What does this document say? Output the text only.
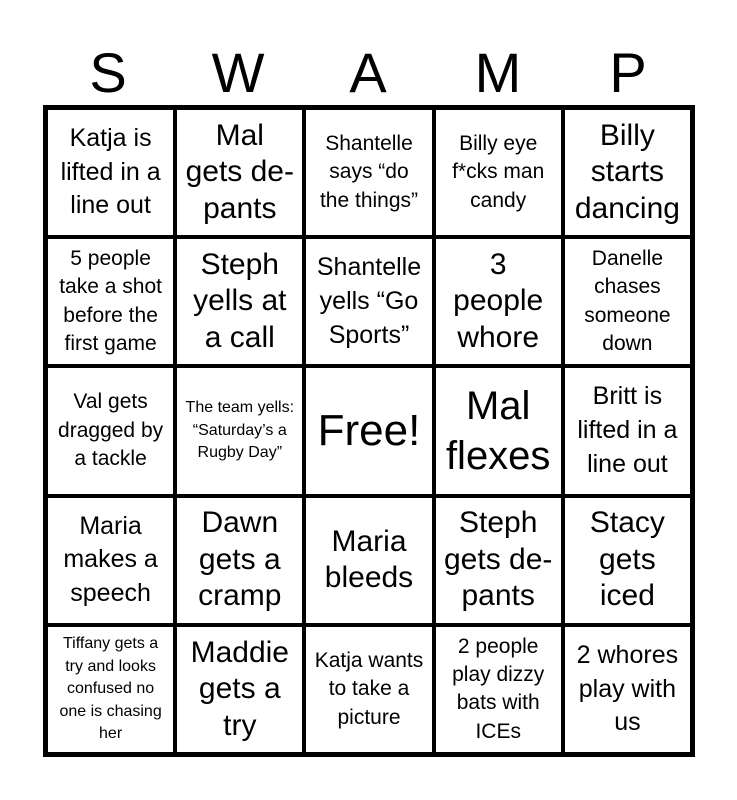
S	W	A	M	P
Katja is lifted in a line out
Mal gets de-pants
Shantelle says “do the things”
Billy eye f*cks man candy
Billy starts dancing
5 people take a shot before the first game
Steph yells at a call
Shantelle yells “Go Sports”
3 people whore
Danelle chases someone down
Val gets dragged by a tackle
The team yells: “Saturday’s a Rugby Day” Free!	Mal flexes
Britt is lifted in a line out
Maria makes a speech
Dawn gets a cramp
Maria bleeds
Steph gets de-pants
Stacy gets iced
Tiffany gets a try and looks confused no one is chasing her
Maddie gets a try
Katja wants to take a picture
2 people play dizzy bats with ICEs
2 whores play with us
